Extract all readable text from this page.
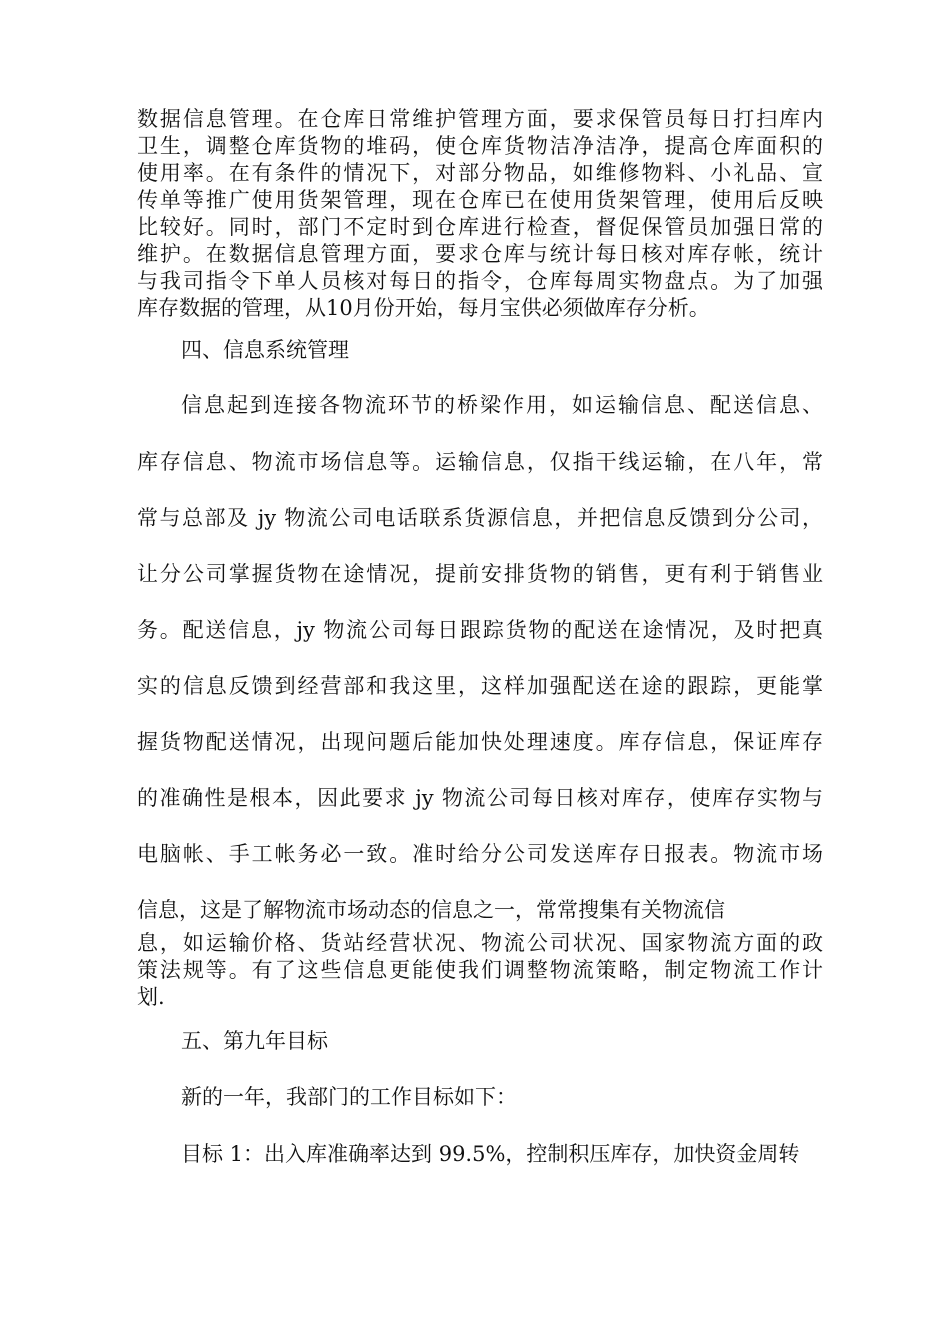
数据信息管理。在仓库日常维护管理方面，要求保管员每日打扫库内
卫生，调整仓库货物的堆码，使仓库货物洁净洁净，提高仓库面积的
使用率。在有条件的情况下，对部分物品，如维修物料、小礼品、宣
传单等推广使用货架管理，现在仓库已在使用货架管理，使用后反映
比较好。同时，部门不定时到仓库进行检查，督促保管员加强日常的
维护。在数据信息管理方面，要求仓库与统计每日核对库存帐，统计
与我司指令下单人员核对每日的指令，仓库每周实物盘点。为了加强
库存数据的管理，从10月份开始，每月宝供必须做库存分析。
四、信息系统管理
信息起到连接各物流环节的桥梁作用，如运输信息、配送信息、
库存信息、物流市场信息等。运输信息，仅指干线运输，在八年，常
常与总部及 jy 物流公司电话联系货源信息，并把信息反馈到分公司，
让分公司掌握货物在途情况，提前安排货物的销售，更有利于销售业
务。配送信息，jy 物流公司每日跟踪货物的配送在途情况，及时把真
实的信息反馈到经营部和我这里，这样加强配送在途的跟踪，更能掌
握货物配送情况，出现问题后能加快处理速度。库存信息，保证库存
的准确性是根本，因此要求 jy 物流公司每日核对库存，使库存实物与
电脑帐、手工帐务必一致。准时给分公司发送库存日报表。物流市场
信息，这是了解物流市场动态的信息之一，常常搜集有关物流信
息，如运输价格、货站经营状况、物流公司状况、国家物流方面的政
策法规等。有了这些信息更能使我们调整物流策略，制定物流工作计
划.
五、第九年目标
新的一年，我部门的工作目标如下：
目标 1：出入库准确率达到 99.5%，控制积压库存，加快资金周转
